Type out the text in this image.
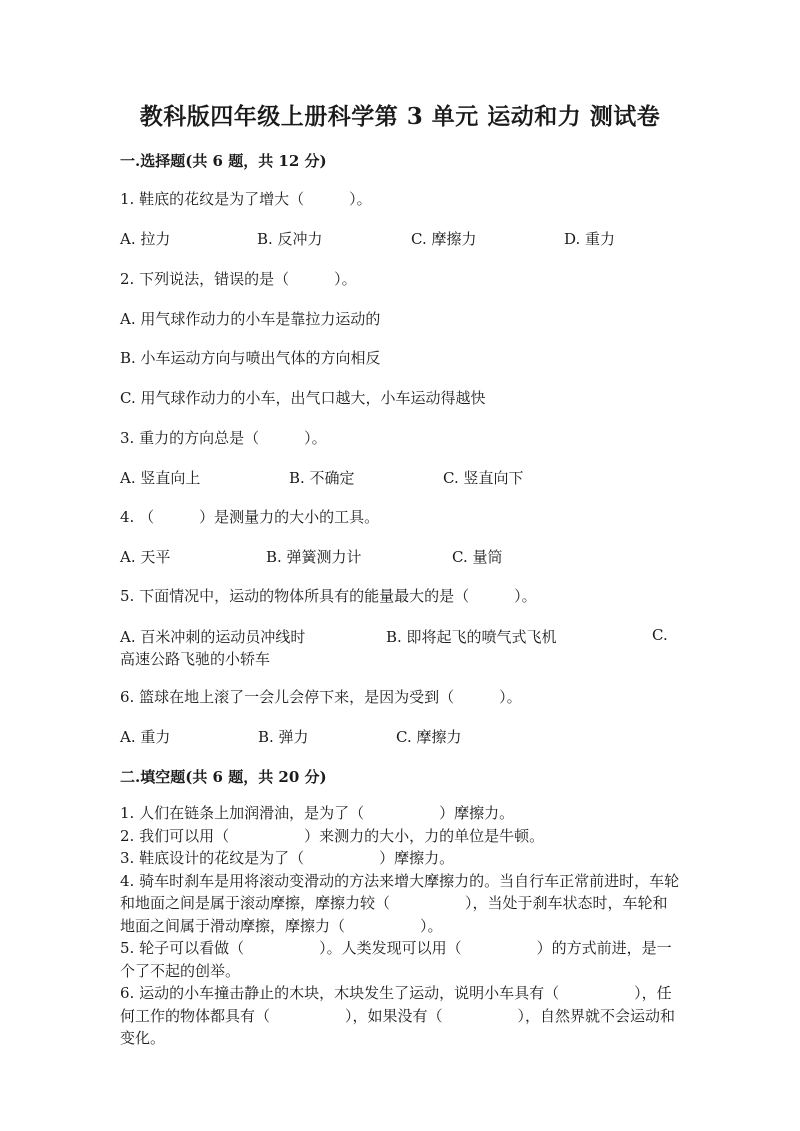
教科版四年级上册科学第 3 单元 运动和力 测试卷
一.选择题(共 6 题，共 12 分)
1. 鞋底的花纹是为了增大（　　　）。
A. 拉力	B. 反冲力	C. 摩擦力	D. 重力
2. 下列说法，错误的是（　　　）。
A. 用气球作动力的小车是靠拉力运动的
B. 小车运动方向与喷出气体的方向相反
C. 用气球作动力的小车，出气口越大，小车运动得越快
3. 重力的方向总是（　　　）。
A. 竖直向上	B. 不确定	C. 竖直向下
4. （　　　）是测量力的大小的工具。
A. 天平	B. 弹簧测力计	C. 量筒
5. 下面情况中，运动的物体所具有的能量最大的是（　　　）。
A. 百米冲刺的运动员冲线时	B. 即将起飞的喷气式飞机	C.
高速公路飞驰的小轿车
6. 篮球在地上滚了一会儿会停下来，是因为受到（　　　）。
A. 重力	B. 弹力	C. 摩擦力
二.填空题(共 6 题，共 20 分)

1. 人们在链条上加润滑油，是为了（　　　　　）摩擦力。

2. 我们可以用（　　　　　）来测力的大小，力的单位是牛顿。

3. 鞋底设计的花纹是为了（　　　　　）摩擦力。

4. 骑车时刹车是用将滚动变滑动的方法来增大摩擦力的。当自行车正常前进时，车轮和地面之间是属于滚动摩擦，摩擦力较（　　　　　），当处于刹车状态时，车轮和地面之间属于滑动摩擦，摩擦力（　　　　　）。

5. 轮子可以看做（　　　　　）。人类发现可以用（　　　　　）的方式前进，是一个了不起的创举。

6. 运动的小车撞击静止的木块，木块发生了运动，说明小车具有（　　　　　），任何工作的物体都具有（　　　　　），如果没有（　　　　　），自然界就不会运动和变化。
